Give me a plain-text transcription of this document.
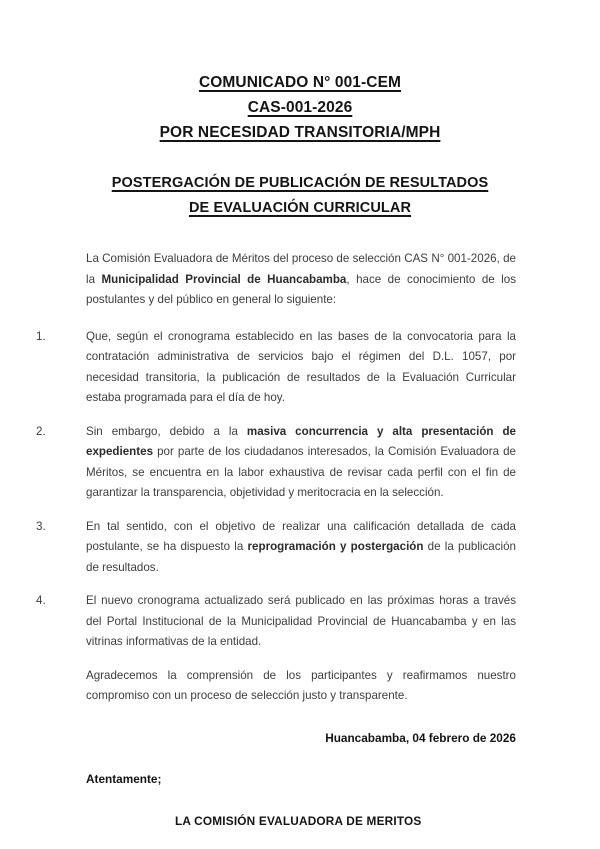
COMUNICADO N° 001-CEM
CAS-001-2026
POR NECESIDAD TRANSITORIA/MPH
POSTERGACIÓN DE PUBLICACIÓN DE RESULTADOS
DE EVALUACIÓN CURRICULAR

La Comisión Evaluadora de Méritos del proceso de selección CAS N° 001-2026, de la Municipalidad Provincial de Huancabamba, hace de conocimiento de los postulantes y del público en general lo siguiente:

1.	Que, según el cronograma establecido en las bases de la convocatoria para la contratación administrativa de servicios bajo el régimen del D.L. 1057, por necesidad transitoria, la publicación de resultados de la Evaluación Curricular estaba programada para el día de hoy.
2.	Sin embargo, debido a la masiva concurrencia y alta presentación de expedientes por parte de los ciudadanos interesados, la Comisión Evaluadora de Méritos, se encuentra en la labor exhaustiva de revisar cada perfil con el fin de garantizar la transparencia, objetividad y meritocracia en la selección.
3.	En tal sentido, con el objetivo de realizar una calificación detallada de cada postulante, se ha dispuesto la reprogramación y postergación de la publicación de resultados.
4.	El nuevo cronograma actualizado será publicado en las próximas horas a través del Portal Institucional de la Municipalidad Provincial de Huancabamba y en las vitrinas informativas de la entidad.

Agradecemos la comprensión de los participantes y reafirmamos nuestro compromiso con un proceso de selección justo y transparente.

Huancabamba, 04 febrero de 2026
Atentamente;
LA COMISIÓN EVALUADORA DE MERITOS
